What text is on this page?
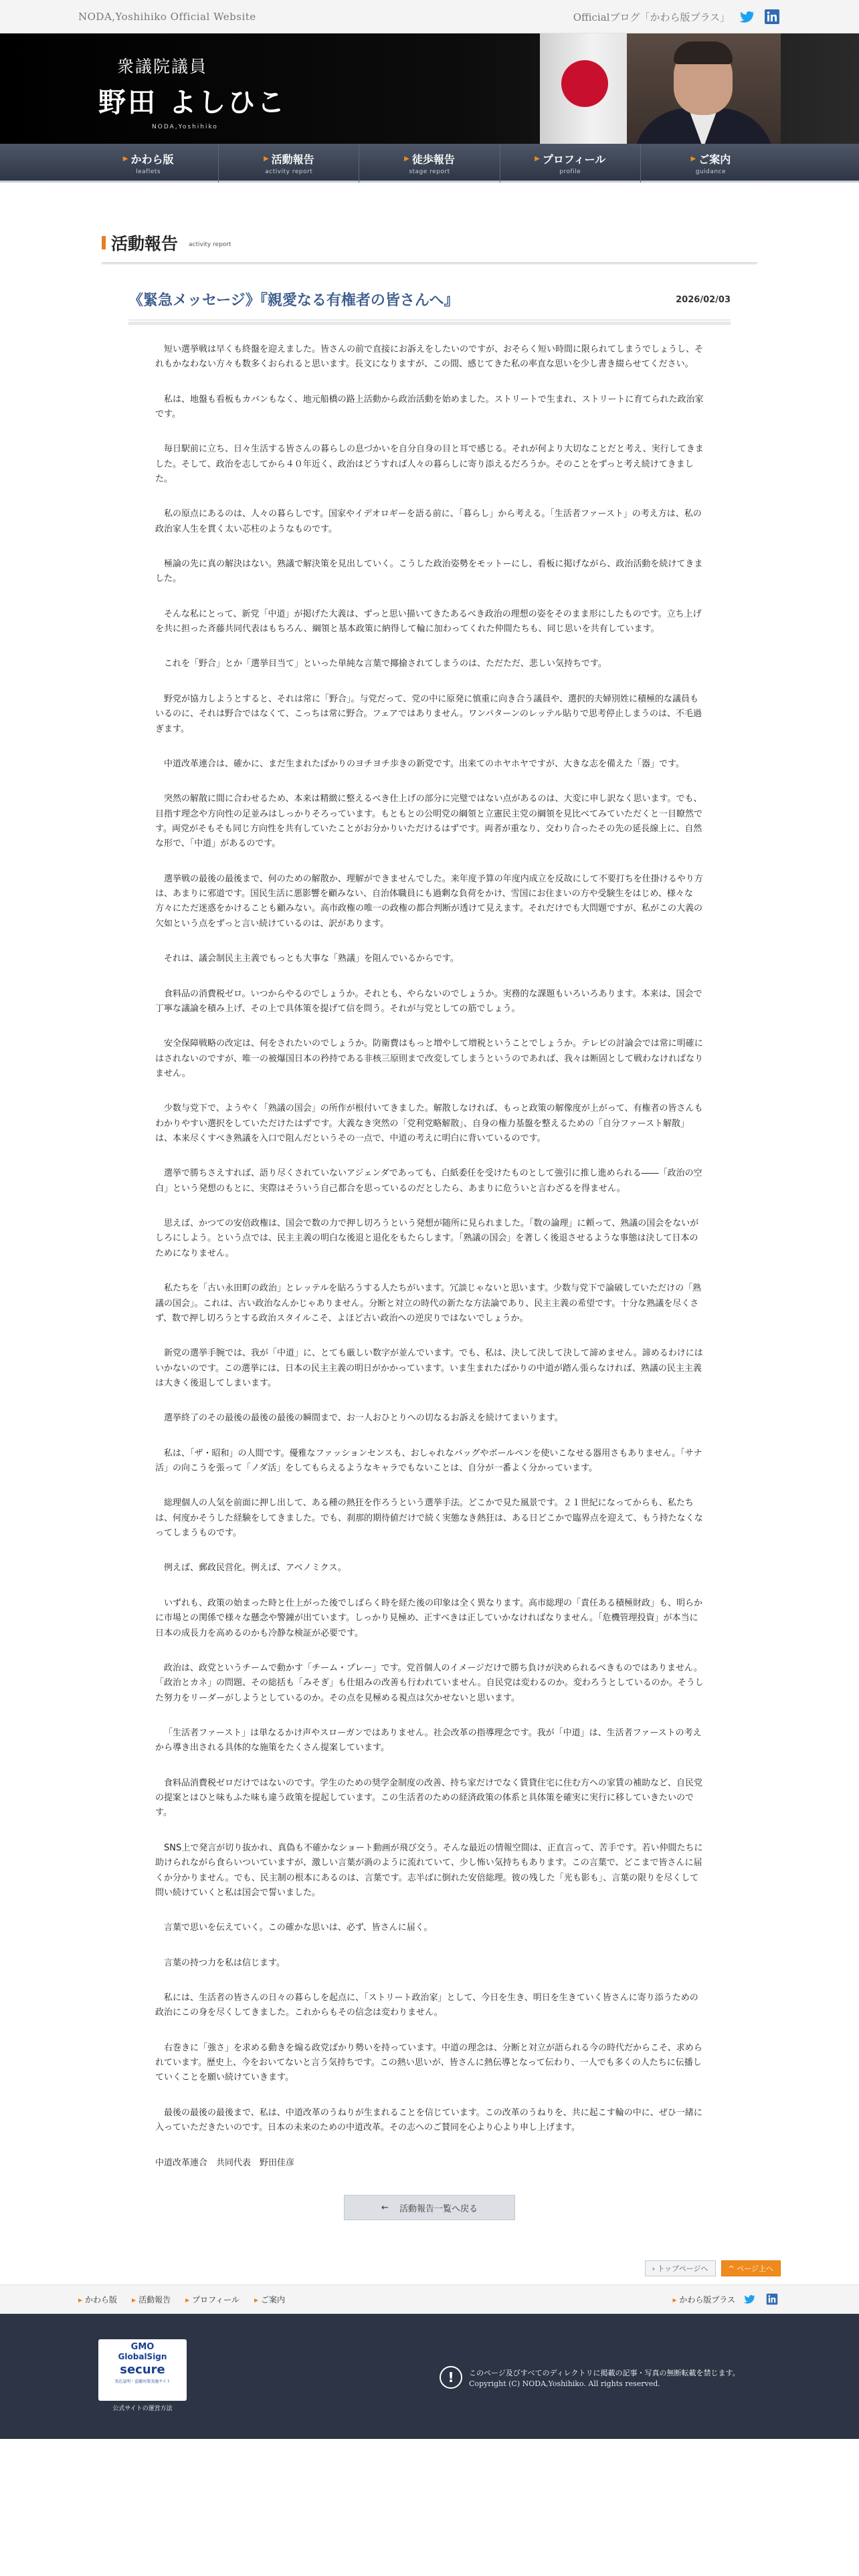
NODA,Yoshihiko Official Website	Officialブログ「かわら版プラス」
衆議院議員
野田 よしひこ
NODA,Yoshihiko
▶ かわら版
leaflets
▶ 活動報告
activity report
▶ 徒歩報告
stage report
▶ プロフィール
profile
▶ ご案内
guidance
活動報告 activity report
《緊急メッセージ》『親愛なる有権者の皆さんへ』	2026/02/03

短い選挙戦は早くも終盤を迎えました。皆さんの前で直接にお訴えをしたいのですが、おそらく短い時間に限られてしまうでしょうし、それもかなわない方々も数多くおられると思います。長文になりますが、この間、感じてきた私の率直な思いを少し書き綴らせてください。

私は、地盤も看板もカバンもなく、地元船橋の路上活動から政治活動を始めました。ストリートで生まれ、ストリートに育てられた政治家です。

毎日駅前に立ち、日々生活する皆さんの暮らしの息づかいを自分自身の目と耳で感じる。それが何より大切なことだと考え、実行してきました。そして、政治を志してから４０年近く、政治はどうすれば人々の暮らしに寄り添えるだろうか。そのことをずっと考え続けてきました。

私の原点にあるのは、人々の暮らしです。国家やイデオロギーを語る前に、「暮らし」から考える。「生活者ファースト」の考え方は、私の政治家人生を貫く太い芯柱のようなものです。

極論の先に真の解決はない。熟議で解決策を見出していく。こうした政治姿勢をモットーにし、看板に掲げながら、政治活動を続けてきました。

そんな私にとって、新党「中道」が掲げた大義は、ずっと思い描いてきたあるべき政治の理想の姿をそのまま形にしたものです。立ち上げを共に担った斉藤共同代表はもちろん、綱領と基本政策に納得して輪に加わってくれた仲間たちも、同じ思いを共有しています。

これを「野合」とか「選挙目当て」といった単純な言葉で揶揄されてしまうのは、ただただ、悲しい気持ちです。

野党が協力しようとすると、それは常に「野合」。与党だって、党の中に原発に慎重に向き合う議員や、選択的夫婦別姓に積極的な議員もいるのに、それは野合ではなくて、こっちは常に野合。フェアではありません。ワンパターンのレッテル貼りで思考停止しまうのは、不毛過ぎます。

中道改革連合は、確かに、まだ生まれたばかりのヨチヨチ歩きの新党です。出来てのホヤホヤですが、大きな志を備えた「器」です。

突然の解散に間に合わせるため、本来は精緻に整えるべき仕上げの部分に完璧ではない点があるのは、大変に申し訳なく思います。でも、目指す理念や方向性の足並みはしっかりそろっています。もともとの公明党の綱領と立憲民主党の綱領を見比べてみていただくと一目瞭然です。両党がそもそも同じ方向性を共有していたことがお分かりいただけるはずです。両者が重なり、交わり合ったその先の延長線上に、自然な形で、「中道」があるのです。

選挙戦の最後の最後まで、何のための解散か、理解ができませんでした。来年度予算の年度内成立を反故にして不要打ちを仕掛けるやり方は、あまりに邪道です。国民生活に悪影響を顧みない、自治体職員にも過剰な負荷をかけ、雪国にお住まいの方や受験生をはじめ、様々な方々にただ迷惑をかけることも顧みない。高市政権の唯一の政権の都合判断が透けて見えます。それだけでも大問題ですが、私がこの大義の欠如という点をずっと言い続けているのは、訳があります。

それは、議会制民主主義でもっとも大事な「熟議」を阻んでいるからです。

食料品の消費税ゼロ。いつからやるのでしょうか。それとも、やらないのでしょうか。実務的な課題もいろいろあります。本来は、国会で丁寧な議論を積み上げ、その上で具体策を提げて信を問う。それが与党としての筋でしょう。

安全保障戦略の改定は、何をされたいのでしょうか。防衛費はもっと増やして増税ということでしょうか。テレビの討論会では常に明確にはされないのですが、唯一の被爆国日本の矜持である非核三原則まで改変してしまうというのであれば、我々は断固として戦わなければなりません。

少数与党下で、ようやく「熟議の国会」の所作が根付いてきました。解散しなければ、もっと政策の解像度が上がって、有権者の皆さんもわかりやすい選択をしていただけたはずです。大義なき突然の「党利党略解散」、自身の権力基盤を整えるための「自分ファースト解散」は、本来尽くすべき熟議を入口で阻んだというその一点で、中道の考えに明白に背いているのです。

選挙で勝ちさえすれば、語り尽くされていないアジェンダであっても、白紙委任を受けたものとして強引に推し進められる――「政治の空白」という発想のもとに、実際はそういう自己都合を思っているのだとしたら、あまりに危ういと言わざるを得ません。

思えば、かつての安倍政権は、国会で数の力で押し切ろうという発想が随所に見られました。「数の論理」に頼って、熟議の国会をないがしろにしよう。という点では、民主主義の明白な後退と退化をもたらします。「熟議の国会」を著しく後退させるような事態は決して日本のためになりません。

私たちを「古い永田町の政治」とレッテルを貼ろうする人たちがいます。冗談じゃないと思います。少数与党下で論破していただけの「熟議の国会」。これは、古い政治なんかじゃありません。分断と対立の時代の新たな方法論であり、民主主義の希望です。十分な熟議を尽くさず、数で押し切ろうとする政治スタイルこそ、よほど古い政治への逆戻りではないでしょうか。

新党の選挙手腕では、我が「中道」に、とても厳しい数字が並んでいます。でも、私は、決して決して決して諦めません。諦めるわけにはいかないのです。この選挙には、日本の民主主義の明日がかかっています。いま生まれたばかりの中道が踏ん張らなければ、熟議の民主主義は大きく後退してしまいます。

選挙終了のその最後の最後の最後の瞬間まで、お一人おひとりへの切なるお訴えを続けてまいります。

私は、「ザ・昭和」の人間です。優雅なファッションセンスも、おしゃれなバッグやボールペンを使いこなせる器用さもありません。「サナ活」の向こうを張って「ノダ活」をしてもらえるようなキャラでもないことは、自分が一番よく分かっています。

総理個人の人気を前面に押し出して、ある種の熱狂を作ろうという選挙手法。どこかで見た風景です。２１世紀になってからも、私たちは、何度かそうした経験をしてきました。でも、刹那的期待値だけで続く実態なき熱狂は、ある日どこかで臨界点を迎えて、もう持たなくなってしまうものです。

例えば、郵政民営化。例えば、アベノミクス。

いずれも、政策の始まった時と仕上がった後でしばらく時を経た後の印象は全く異なります。高市総理の「責任ある積極財政」も、明らかに市場との関係で様々な懸念や警鐘が出ています。しっかり見極め、正すべきは正していかなければなりません。「危機管理投資」が本当に日本の成長力を高めるのかも冷静な検証が必要です。

政治は、政党というチームで動かす「チーム・プレー」です。党首個人のイメージだけで勝ち負けが決められるべきものではありません。「政治とカネ」の問題、その総括も「みそぎ」も仕組みの改善も行われていません。自民党は変わるのか。変わろうとしているのか。そうした努力をリーダーがしようとしているのか。その点を見極める視点は欠かせないと思います。

「生活者ファースト」は単なるかけ声やスローガンではありません。社会改革の指導理念です。我が「中道」は、生活者ファーストの考えから導き出される具体的な施策をたくさん提案しています。

食料品消費税ゼロだけではないのです。学生のための奨学金制度の改善、持ち家だけでなく賃貸住宅に住む方への家賃の補助など、自民党の提案とはひと味もふた味も違う政策を提起しています。この生活者のための経済政策の体系と具体策を確実に実行に移していきたいのです。

SNS上で発言が切り抜かれ、真偽も不確かなショート動画が飛び交う。そんな最近の情報空間は、正直言って、苦手です。若い仲間たちに助けられながら食らいついていますが、激しい言葉が渦のように流れていて、少し怖い気持ちもあります。この言葉で、どこまで皆さんに届くか分かりません。でも、民主制の根本にあるのは、言葉です。志半ばに倒れた安倍総理。彼の残した「光も影も」、言葉の限りを尽くして問い続けていくと私は国会で誓いました。

言葉で思いを伝えていく。この確かな思いは、必ず、皆さんに届く。

言葉の持つ力を私は信じます。

私には、生活者の皆さんの日々の暮らしを起点に、「ストリート政治家」として、今日を生き、明日を生きていく皆さんに寄り添うための政治にこの身を尽くしてきました。これからもその信念は変わりません。

右巻きに「強さ」を求める動きを煽る政党ばかり勢いを持っています。中道の理念は、分断と対立が語られる今の時代だからこそ、求められています。歴史上、今をおいてないと言う気持ちです。この熱い思いが、皆さんに熱伝導となって伝わり、一人でも多くの人たちに伝播していくことを願い続けていきます。

最後の最後の最後まで、私は、中道改革のうねりが生まれることを信じています。この改革のうねりを、共に起こす輪の中に、ぜひ一緒に入っていただきたいのです。日本の未来のための中道改革。その志へのご賛同を心より心より申し上げます。

中道改革連合　共同代表　野田佳彦

← 活動報告一覧へ戻る
› トップページへ	^ ページ上へ
▸ かわら版 ▸ 活動報告 ▸ プロフィール ▸ ご案内	▸ かわら版プラス
GMO
GlobalSign
secure
実在証明・盗聴対策実施サイト
公式サイトの運営方法
!	このページ及びすべてのディレクトリに掲載の記事・写真の無断転載を禁じます。
Copyright (C) NODA,Yoshihiko. All rights reserved.
